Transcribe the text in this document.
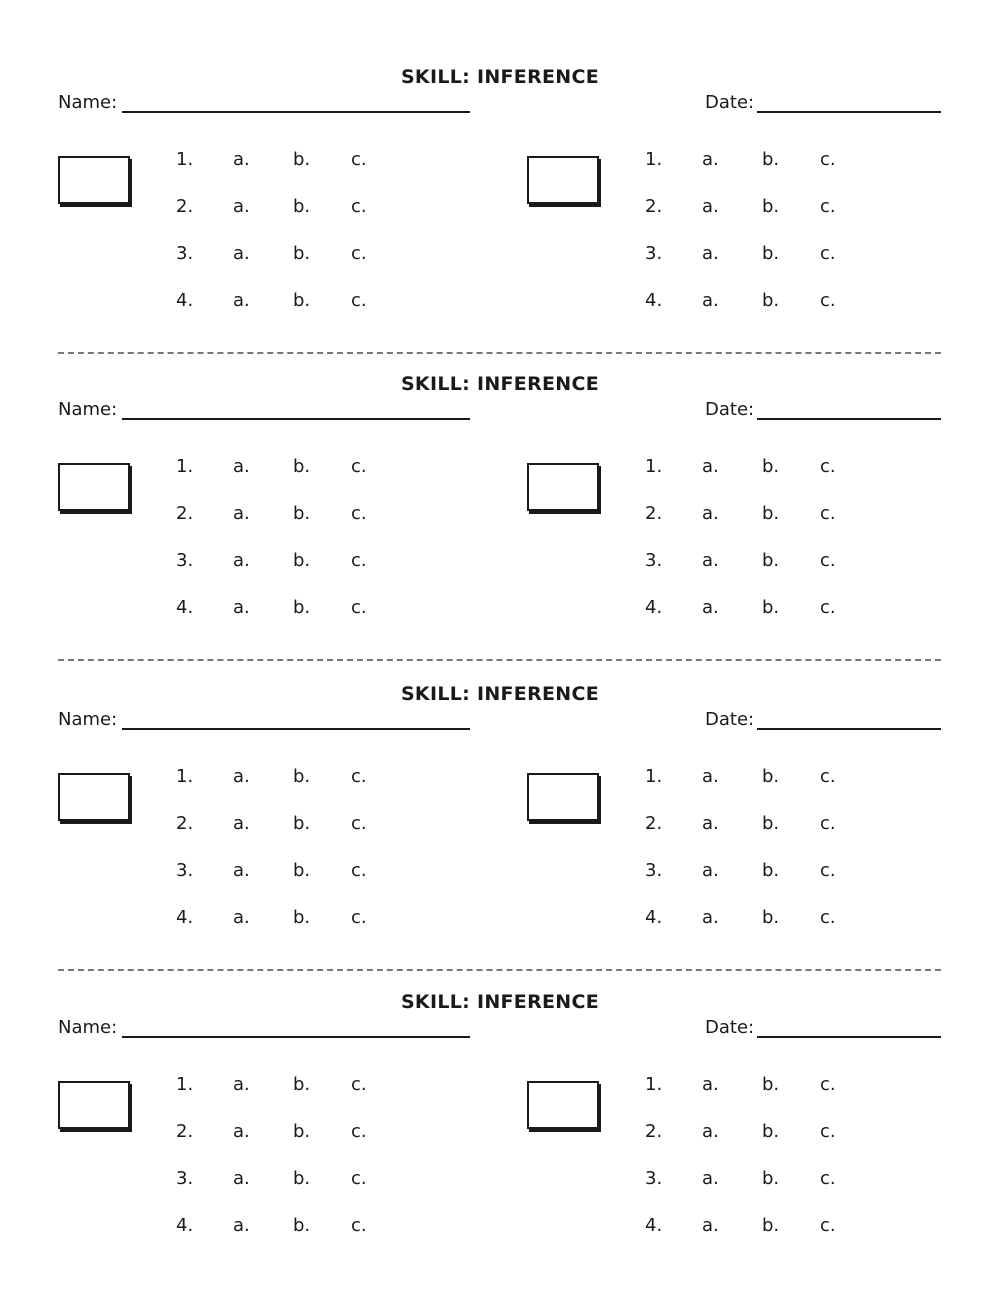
SKILL: INFERENCE
Name:	Date:
1. a. b. c.
2. a. b. c.
3. a. b. c.
4. a. b. c.
1. a. b. c.
2. a. b. c.
3. a. b. c.
4. a. b. c.
SKILL: INFERENCE
Name:	Date:
1. a. b. c.
2. a. b. c.
3. a. b. c.
4. a. b. c.
1. a. b. c.
2. a. b. c.
3. a. b. c.
4. a. b. c.
SKILL: INFERENCE
Name:	Date:
1. a. b. c.
2. a. b. c.
3. a. b. c.
4. a. b. c.
1. a. b. c.
2. a. b. c.
3. a. b. c.
4. a. b. c.
SKILL: INFERENCE
Name:	Date:
1. a. b. c.
2. a. b. c.
3. a. b. c.
4. a. b. c.
1. a. b. c.
2. a. b. c.
3. a. b. c.
4. a. b. c.
